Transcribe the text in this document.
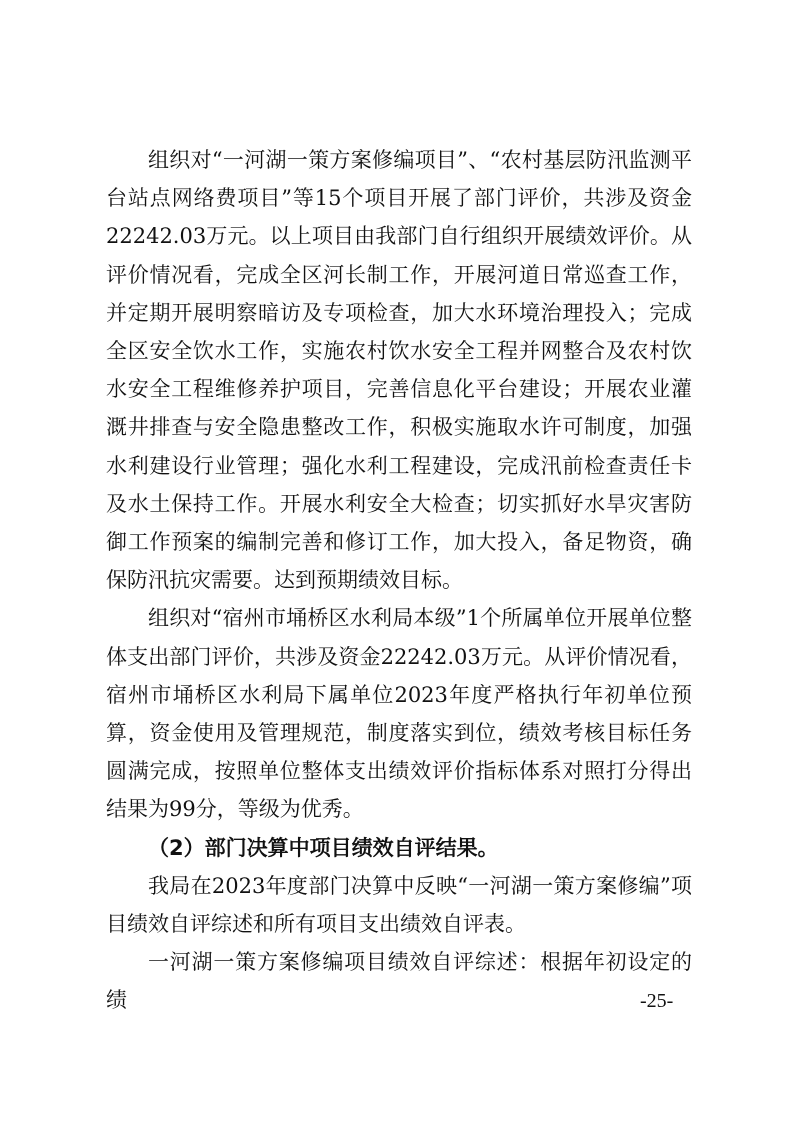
组织对“一河湖一策方案修编项目”、“农村基层防汛监测平台站点网络费项目”等15个项目开展了部门评价，共涉及资金22242.03万元。以上项目由我部门自行组织开展绩效评价。从评价情况看，完成全区河长制工作，开展河道日常巡查工作，并定期开展明察暗访及专项检查，加大水环境治理投入；完成全区安全饮水工作，实施农村饮水安全工程并网整合及农村饮水安全工程维修养护项目，完善信息化平台建设；开展农业灌溉井排查与安全隐患整改工作，积极实施取水许可制度，加强水利建设行业管理；强化水利工程建设，完成汛前检查责任卡及水土保持工作。开展水利安全大检查；切实抓好水旱灾害防御工作预案的编制完善和修订工作，加大投入，备足物资，确保防汛抗灾需要。达到预期绩效目标。

组织对“宿州市埇桥区水利局本级”1个所属单位开展单位整体支出部门评价，共涉及资金22242.03万元。从评价情况看，宿州市埇桥区水利局下属单位2023年度严格执行年初单位预算，资金使用及管理规范，制度落实到位，绩效考核目标任务圆满完成，按照单位整体支出绩效评价指标体系对照打分得出结果为99分，等级为优秀。

（2）部门决算中项目绩效自评结果。

我局在2023年度部门决算中反映“一河湖一策方案修编”项目绩效自评综述和所有项目支出绩效自评表。

一河湖一策方案修编项目绩效自评综述：根据年初设定的绩	-25-
